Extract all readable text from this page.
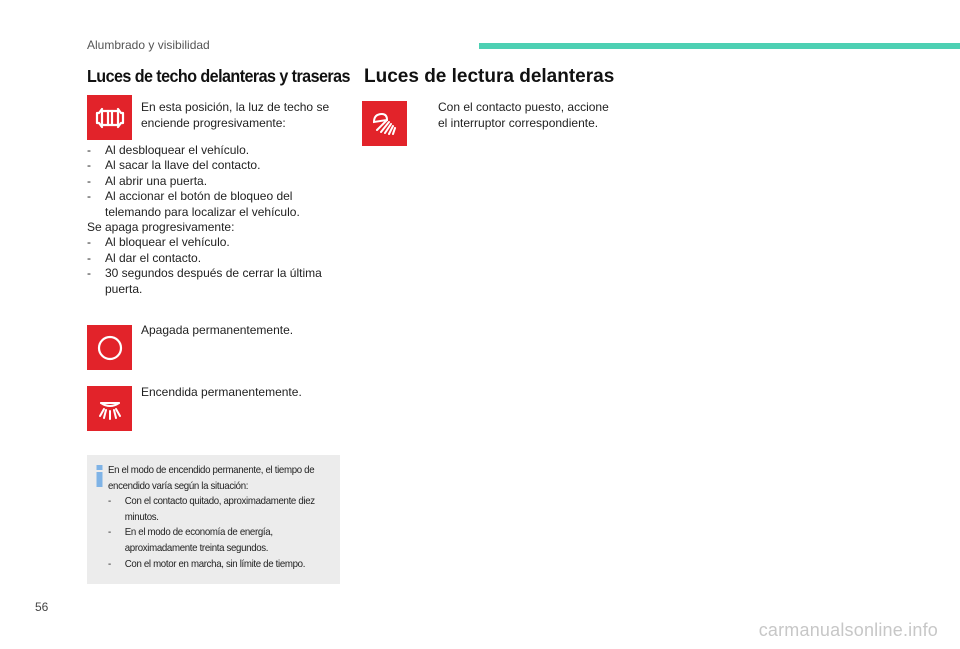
Alumbrado y visibilidad
Luces de techo delanteras y traseras Luces de lectura delanteras
En esta posición, la luz de techo se enciende progresivamente:
- Al desbloquear el vehículo.
- Al sacar la llave del contacto.
- Al abrir una puerta.
- Al accionar el botón de bloqueo del telemando para localizar el vehículo.
Se apaga progresivamente:
- Al bloquear el vehículo.
- Al dar el contacto.
- 30 segundos después de cerrar la última puerta.
Apagada permanentemente.
Encendida permanentemente.
En el modo de encendido permanente, el tiempo de encendido varía según la situación:
- Con el contacto quitado, aproximadamente diez minutos.
- En el modo de economía de energía, aproximadamente treinta segundos.
- Con el motor en marcha, sin límite de tiempo.
Con el contacto puesto, accione el interruptor correspondiente.
56
carmanualsonline.info
